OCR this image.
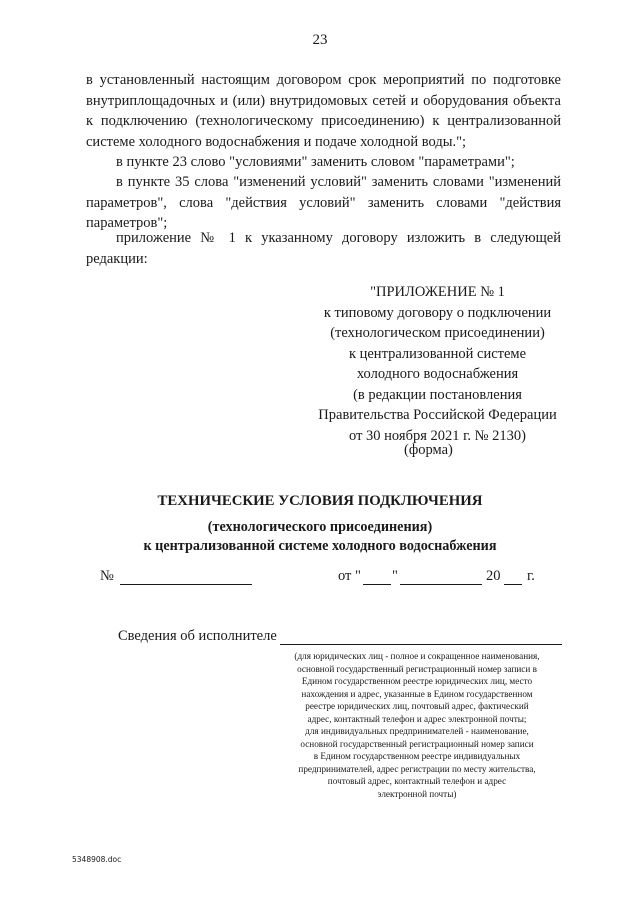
23
в установленный настоящим договором срок мероприятий по подготовке внутриплощадочных и (или) внутридомовых сетей и оборудования объекта к подключению (технологическому присоединению) к централизованной системе холодного водоснабжения и подаче холодной воды.";
в пункте 23 слово "условиями" заменить словом "параметрами";
в пункте 35 слова "изменений условий" заменить словами "изменений параметров", слова "действия условий" заменить словами "действия параметров";
приложение № 1 к указанному договору изложить в следующей редакции:
"ПРИЛОЖЕНИЕ № 1
к типовому договору о подключении
(технологическом присоединении)
к централизованной системе
холодного водоснабжения
(в редакции постановления
Правительства Российской Федерации
от 30 ноября 2021 г. № 2130)
(форма)
ТЕХНИЧЕСКИЕ УСЛОВИЯ ПОДКЛЮЧЕНИЯ
(технологического присоединения)
к централизованной системе холодного водоснабжения
№	от " "	20 г.
Сведения об исполнителе
(для юридических лиц - полное и сокращенное наименования,
основной государственный регистрационный номер записи в
Едином государственном реестре юридических лиц, место
нахождения и адрес, указанные в Едином государственном
реестре юридических лиц, почтовый адрес, фактический
адрес, контактный телефон и адрес электронной почты;
для индивидуальных предпринимателей - наименование,
основной государственный регистрационный номер записи
в Едином государственном реестре индивидуальных
предпринимателей, адрес регистрации по месту жительства,
почтовый адрес, контактный телефон и адрес
электронной почты)
5348908.doc
